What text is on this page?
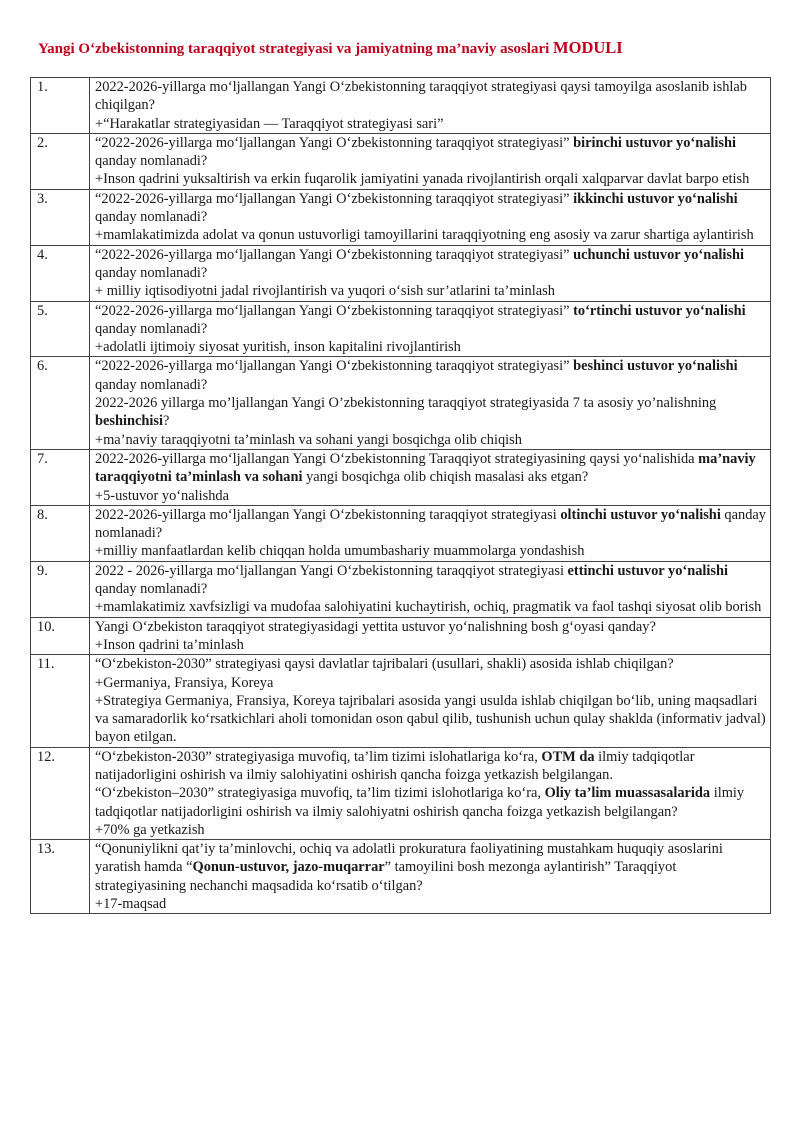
Yangi O‘zbekistonning taraqqiyot strategiyasi va jamiyatning ma’naviy asoslari MODULI
1.	2022-2026-yillarga mo‘ljallangan Yangi O‘zbekistonning taraqqiyot strategiyasi qaysi tamoyilga asoslanib ishlab chiqilgan?
+“Harakatlar strategiyasidan — Taraqqiyot strategiyasi sari”

2.	“2022-2026-yillarga mo‘ljallangan Yangi O‘zbekistonning taraqqiyot strategiyasi” birinchi ustuvor yo‘nalishi qanday nomlanadi?
+Inson qadrini yuksaltirish va erkin fuqarolik jamiyatini yanada rivojlantirish orqali xalqparvar davlat barpo etish

3.	“2022-2026-yillarga mo‘ljallangan Yangi O‘zbekistonning taraqqiyot strategiyasi” ikkinchi ustuvor yo‘nalishi qanday nomlanadi?
+mamlakatimizda adolat va qonun ustuvorligi tamoyillarini taraqqiyotning eng asosiy va zarur shartiga aylantirish

4.	“2022-2026-yillarga mo‘ljallangan Yangi O‘zbekistonning taraqqiyot strategiyasi” uchunchi ustuvor yo‘nalishi qanday nomlanadi?
+ milliy iqtisodiyotni jadal rivojlantirish va yuqori o‘sish sur’atlarini ta’minlash

5.	“2022-2026-yillarga mo‘ljallangan Yangi O‘zbekistonning taraqqiyot strategiyasi” to‘rtinchi ustuvor yo‘nalishi qanday nomlanadi?
+adolatli ijtimoiy siyosat yuritish, inson kapitalini rivojlantirish

6.	“2022-2026-yillarga mo‘ljallangan Yangi O‘zbekistonning taraqqiyot strategiyasi” beshinci ustuvor yo‘nalishi qanday nomlanadi?
2022-2026 yillarga mo’ljallangan Yangi O’zbekistonning taraqqiyot strategiyasida 7 ta asosiy yo’nalishning beshinchisi?
+ma’naviy taraqqiyotni ta’minlash va sohani yangi bosqichga olib chiqish

7.	2022-2026-yillarga mo‘ljallangan Yangi O‘zbekistonning Taraqqiyot strategiyasining qaysi yo‘nalishida ma’naviy taraqqiyotni ta’minlash va sohani yangi bosqichga olib chiqish masalasi aks etgan?
+5-ustuvor yo‘nalishda

8.	2022-2026-yillarga mo‘ljallangan Yangi O‘zbekistonning taraqqiyot strategiyasi oltinchi ustuvor yo‘nalishi qanday nomlanadi?
+milliy manfaatlardan kelib chiqqan holda umumbashariy muammolarga yondashish

9.	2022 - 2026-yillarga mo‘ljallangan Yangi O‘zbekistonning taraqqiyot strategiyasi ettinchi ustuvor yo‘nalishi qanday nomlanadi?
+mamlakatimiz xavfsizligi va mudofaa salohiyatini kuchaytirish, ochiq, pragmatik va faol tashqi siyosat olib borish

10.	Yangi O‘zbekiston taraqqiyot strategiyasidagi yettita ustuvor yo‘nalishning bosh g‘oyasi qanday?
+Inson qadrini ta’minlash

11.	“O‘zbekiston-2030” strategiyasi qaysi davlatlar tajribalari (usullari, shakli) asosida ishlab chiqilgan?
+Germaniya, Fransiya, Koreya
+Strategiya Germaniya, Fransiya, Koreya tajribalari asosida yangi usulda ishlab chiqilgan bo‘lib, uning maqsadlari va samaradorlik ko‘rsatkichlari aholi tomonidan oson qabul qilib, tushunish uchun qulay shaklda (informativ jadval) bayon etilgan.

12.	“O‘zbekiston-2030” strategiyasiga muvofiq, ta’lim tizimi islohatlariga ko‘ra, OTM da ilmiy tadqiqotlar natijadorligini oshirish va ilmiy salohiyatini oshirish qancha foizga yetkazish belgilangan.
“O‘zbekiston–2030” strategiyasiga muvofiq, ta’lim tizimi islohotlariga ko‘ra, Oliy ta’lim muassasalarida ilmiy tadqiqotlar natijadorligini oshirish va ilmiy salohiyatni oshirish qancha foizga yetkazish belgilangan?
+70% ga yetkazish

13.	“Qonuniylikni qat’iy ta’minlovchi, ochiq va adolatli prokuratura faoliyatining mustahkam huquqiy asoslarini yaratish hamda “Qonun-ustuvor, jazo-muqarrar” tamoyilini bosh mezonga aylantirish” Taraqqiyot strategiyasining nechanchi maqsadida ko‘rsatib o‘tilgan?
+17-maqsad
